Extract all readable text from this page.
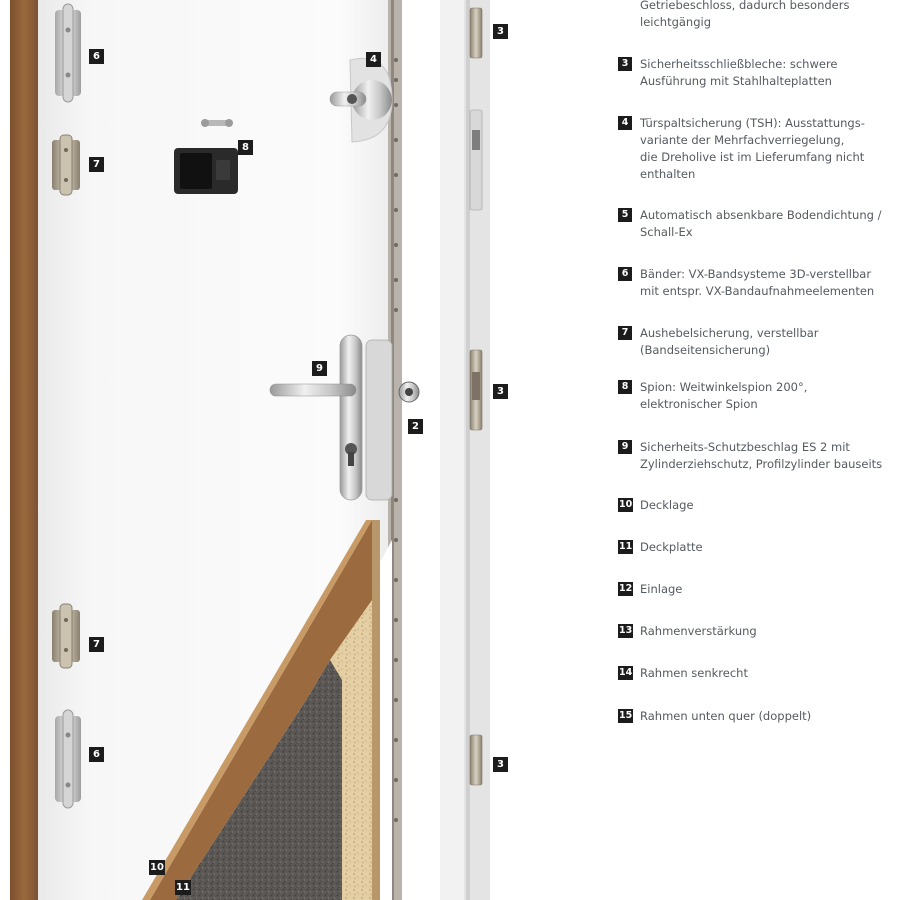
6
7
8
4
3
9
2
3
7
6
3
10
11
Getriebeschloss, dadurch besonders
leichtgängig
3	Sicherheitsschließbleche: schwere
Ausführung mit Stahlhalteplatten
4	Türspaltsicherung (TSH): Ausstattungs-
variante der Mehrfachverriegelung,
die Dreholive ist im Lieferumfang nicht
enthalten
5	Automatisch absenkbare Bodendichtung /
Schall-Ex
6	Bänder: VX-Bandsysteme 3D-verstellbar
mit entspr. VX-Bandaufnahmeelementen
7	Aushebelsicherung, verstellbar
(Bandseitensicherung)
8	Spion: Weitwinkelspion 200°,
elektronischer Spion
9	Sicherheits-Schutzbeschlag ES 2 mit
Zylinderziehschutz, Profilzylinder bauseits
10 Decklage
11 Deckplatte
12 Einlage
13 Rahmenverstärkung
14 Rahmen senkrecht
15 Rahmen unten quer (doppelt)
